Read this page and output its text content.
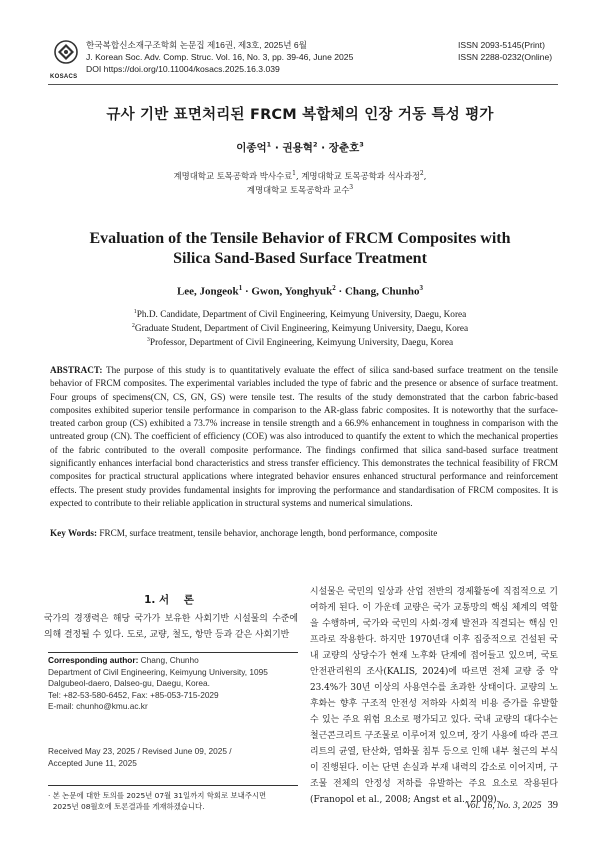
KOSACS
한국복합신소재구조학회 논문집 제16권, 제3호, 2025년 6월
J. Korean Soc. Adv. Comp. Struc. Vol. 16, No. 3, pp. 39-46, June 2025
DOI https://doi.org/10.11004/kosacs.2025.16.3.039
ISSN 2093-5145(Print)
ISSN 2288-0232(Online)
규사 기반 표면처리된 FRCM 복합체의 인장 거동 특성 평가
이종억$^1$ · 권용혁$^2$ · 장춘호$^3$
계명대학교 토목공학과 박사수료$^1$, 계명대학교 토목공학과 석사과정$^2$,
계명대학교 토목공학과 교수$^3$
Evaluation of the Tensile Behavior of FRCM Composites with
Silica Sand-Based Surface Treatment
Lee, Jongeok$^1$ · Gwon, Yonghyuk$^2$ · Chang, Chunho$^3$
$^1$Ph.D. Candidate, Department of Civil Engineering, Keimyung University, Daegu, Korea
$^2$Graduate Student, Department of Civil Engineering, Keimyung University, Daegu, Korea
$^3$Professor, Department of Civil Engineering, Keimyung University, Daegu, Korea
ABSTRACT: The purpose of this study is to quantitatively evaluate the effect of silica sand-based surface treatment on the tensile behavior of FRCM composites. The experimental variables included the type of fabric and the presence or absence of surface treatment. Four groups of specimens(CN, CS, GN, GS) were tensile test. The results of the study demonstrated that the carbon fabric-based composites exhibited superior tensile performance in comparison to the AR-glass fabric composites. It is noteworthy that the surface-treated carbon group (CS) exhibited a 73.7% increase in tensile strength and a 66.9% enhancement in toughness in comparison with the untreated group (CN). The coefficient of efficiency (COE) was also introduced to quantify the extent to which the mechanical properties of the fabric contributed to the overall composite performance. The findings confirmed that silica sand-based surface treatment significantly enhances interfacial bond characteristics and stress transfer efficiency. This demonstrates the technical feasibility of FRCM composites for practical structural applications where integrated behavior ensures enhanced structural performance and reinforcement effects. The present study provides fundamental insights for improving the performance and standardisation of FRCM composites. It is expected to contribute to their reliable application in structural systems and numerical simulations.
Key Words: FRCM, surface treatment, tensile behavior, anchorage length, bond performance, composite
1. 서    론
국가의 경쟁력은 해당 국가가 보유한 사회기반 시설물의 수준에 의해 결정될 수 있다. 도로, 교량, 철도, 항만 등과 같은 사회기반
시설물은 국민의 일상과 산업 전반의 경제활동에 직접적으로 기여하게 된다. 이 가운데 교량은 국가 교통망의 핵심 체계의 역할을 수행하며, 국가와 국민의 사회·경제 발전과 직결되는 핵심 인프라로 작용한다. 하지만 1970년대 이후 집중적으로 건설된 국내 교량의 상당수가 현재 노후화 단계에 접어들고 있으며, 국토안전관리원의 조사(KALIS, 2024)에 따르면 전체 교량 중 약 23.4%가 30년 이상의 사용연수를 초과한 상태이다. 교량의 노후화는 향후 구조적 안전성 저하와 사회적 비용 증가를 유발할 수 있는 주요 위험 요소로 평가되고 있다. 국내 교량의 대다수는 철근콘크리트 구조물로 이루어져 있으며, 장기 사용에 따라 콘크리트의 균열, 탄산화, 염화물 침투 등으로 인해 내부 철근의 부식이 진행된다. 이는 단면 손실과 부재 내력의 감소로 이어지며, 구조물 전체의 안정성 저하를 유발하는 주요 요소로 작용된다(Franopol et al., 2008; Angst et al., 2009).
Corresponding author: Chang, Chunho
Department of Civil Engineering, Keimyung University, 1095
Dalgubeol-daero, Dalseo-gu, Daegu, Korea.
Tel: +82-53-580-6452, Fax: +85-053-715-2029
E-mail: chunho@kmu.ac.kr
Received May 23, 2025 / Revised June 09, 2025 /
Accepted June 11, 2025
· 본 논문에 대한 토의를 2025년 07월 31일까지 학회로 보내주시면
2025년 08월호에 토론결과를 게재하겠습니다.	Vol. 16, No. 3, 2025 39
